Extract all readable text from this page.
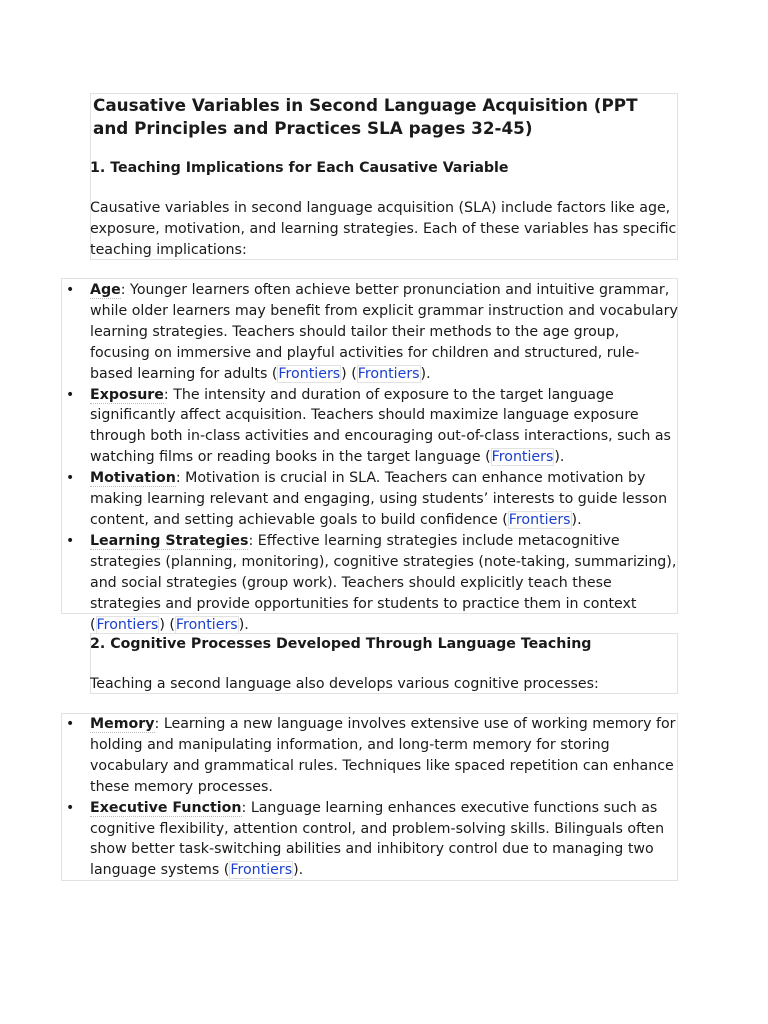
Causative Variables in Second Language Acquisition (PPT and Principles and Practices SLA pages 32-45)
1. Teaching Implications for Each Causative Variable

Causative variables in second language acquisition (SLA) include factors like age, exposure, motivation, and learning strategies. Each of these variables has specific teaching implications:

• Age: Younger learners often achieve better pronunciation and intuitive grammar, while older learners may benefit from explicit grammar instruction and vocabulary learning strategies. Teachers should tailor their methods to the age group, focusing on immersive and playful activities for children and structured, rule-based learning for adults (Frontiers) (Frontiers).
• Exposure: The intensity and duration of exposure to the target language significantly affect acquisition. Teachers should maximize language exposure through both in-class activities and encouraging out-of-class interactions, such as watching films or reading books in the target language (Frontiers).
• Motivation: Motivation is crucial in SLA. Teachers can enhance motivation by making learning relevant and engaging, using students’ interests to guide lesson content, and setting achievable goals to build confidence (Frontiers).
• Learning Strategies: Effective learning strategies include metacognitive strategies (planning, monitoring), cognitive strategies (note-taking, summarizing), and social strategies (group work). Teachers should explicitly teach these strategies and provide opportunities for students to practice them in context (Frontiers) (Frontiers).
2. Cognitive Processes Developed Through Language Teaching

Teaching a second language also develops various cognitive processes:

• Memory: Learning a new language involves extensive use of working memory for holding and manipulating information, and long-term memory for storing vocabulary and grammatical rules. Techniques like spaced repetition can enhance these memory processes.
• Executive Function: Language learning enhances executive functions such as cognitive flexibility, attention control, and problem-solving skills. Bilinguals often show better task-switching abilities and inhibitory control due to managing two language systems (Frontiers).
